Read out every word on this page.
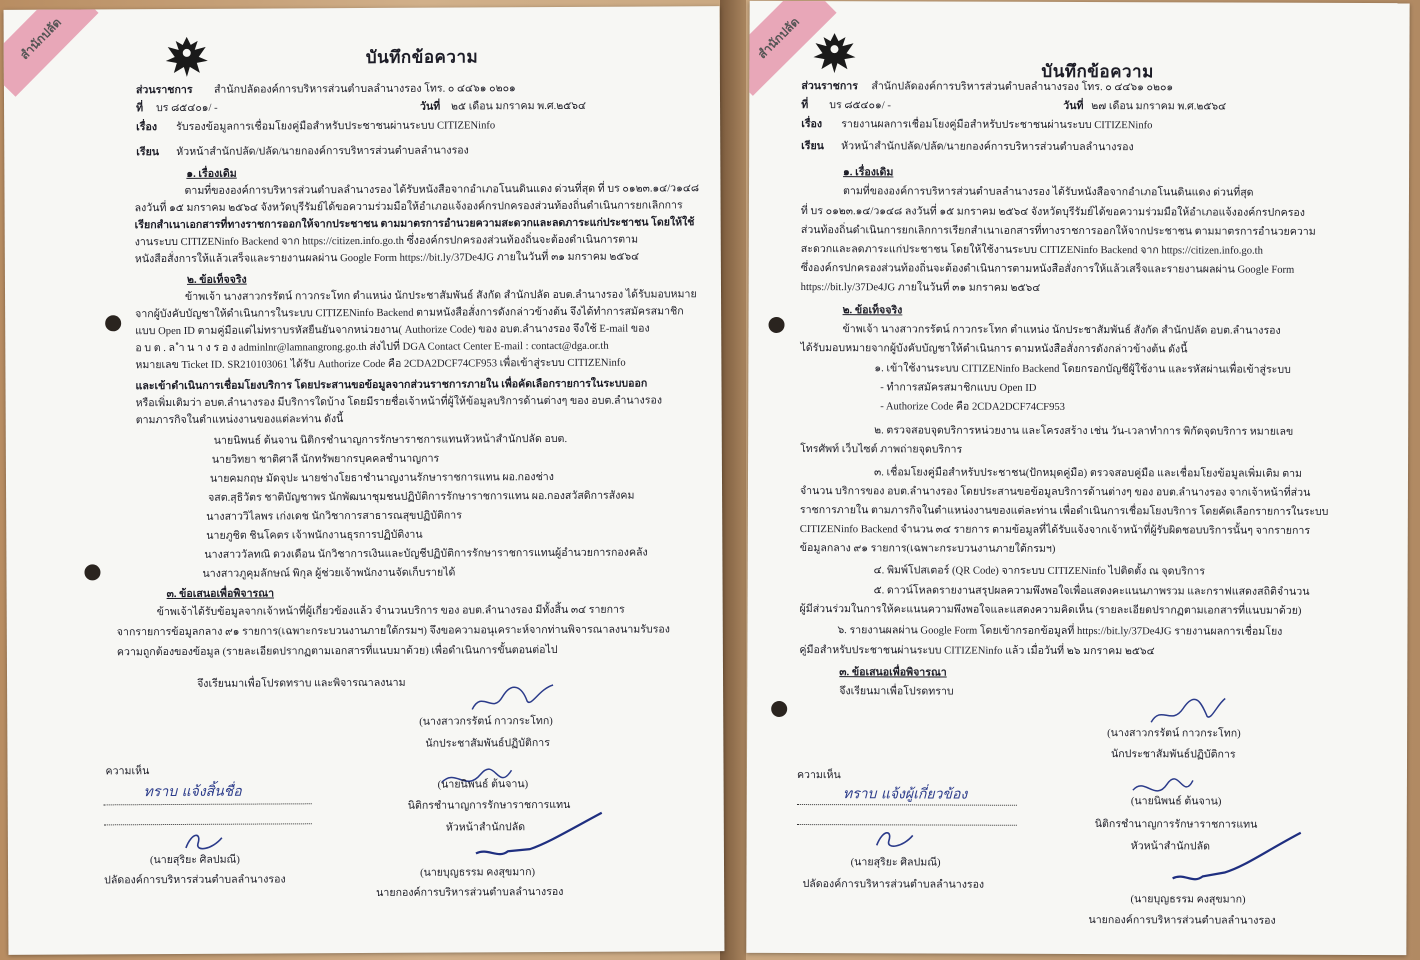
สำนักปลัด	บันทึกข้อความ
ส่วนราชการ สำนักปลัดองค์การบริหารส่วนตำบลลำนางรอง โทร. ๐ ๔๔๖๑ ๐๒๐๑
ที่ บร ๘๕๔๐๑/ -	วันที่ ๒๕ เดือน มกราคม พ.ศ.๒๕๖๔
เรื่อง รับรองข้อมูลการเชื่อมโยงคู่มือสำหรับประชาชนผ่านระบบ CITIZENinfo
เรียน หัวหน้าสำนักปลัด/ปลัด/นายกองค์การบริหารส่วนตำบลลำนางรอง
๑. เรื่องเดิม
ตามที่ขององค์การบริหารส่วนตำบลลำนางรอง ได้รับหนังสือจากอำเภอโนนดินแดง ด่วนที่สุด ที่ บร ๐๑๒๓.๑๔/ว๑๔๘
ลงวันที่ ๑๕ มกราคม ๒๕๖๔ จังหวัดบุรีรัมย์ได้ขอความร่วมมือให้อำเภอแจ้งองค์กรปกครองส่วนท้องถิ่นดำเนินการยกเลิกการ
เรียกสำเนาเอกสารที่ทางราชการออกให้จากประชาชน ตามมาตรการอำนวยความสะดวกและลดภาระแก่ประชาชน โดยให้ใช้
งานระบบ CITIZENinfo Backend จาก https://citizen.info.go.th ซึ่งองค์กรปกครองส่วนท้องถิ่นจะต้องดำเนินการตาม
หนังสือสั่งการให้แล้วเสร็จและรายงานผลผ่าน Google Form https://bit.ly/37De4JG ภายในวันที่ ๓๑ มกราคม ๒๕๖๔
๒. ข้อเท็จจริง
ข้าพเจ้า นางสาวกรรัตน์ กาวกระโทก ตำแหน่ง นักประชาสัมพันธ์ สังกัด สำนักปลัด อบต.ลำนางรอง ได้รับมอบหมาย
จากผู้บังคับบัญชาให้ดำเนินการในระบบ CITIZENinfo Backend ตามหนังสือสั่งการดังกล่าวข้างต้น จึงได้ทำการสมัครสมาชิก
แบบ Open ID ตามคู่มือแต่ไม่ทราบรหัสยืนยันจากหน่วยงาน( Authorize Code) ของ อบต.ลำนางรอง จึงใช้ E-mail ของ
อ บ ต . ล ำ น า ง ร อ ง adminlnr@lamnangrong.go.th ส่งไปที่ DGA Contact Center E-mail : contact@dga.or.th
หมายเลข Ticket ID. SR210103061 ได้รับ Authorize Code คือ 2CDA2DCF74CF953 เพื่อเข้าสู่ระบบ CITIZENinfo
และเข้าดำเนินการเชื่อมโยงบริการ โดยประสานขอข้อมูลจากส่วนราชการภายใน เพื่อคัดเลือกรายการในระบบออก
หรือเพิ่มเติมว่า อบต.ลำนางรอง มีบริการใดบ้าง โดยมีรายชื่อเจ้าหน้าที่ผู้ให้ข้อมูลบริการด้านต่างๆ ของ อบต.ลำนางรอง
ตามภารกิจในตำแหน่งงานของแต่ละท่าน ดังนี้
นายนิพนธ์ ต้นจาน นิติกรชำนาญการรักษาราชการแทนหัวหน้าสำนักปลัด อบต.
นายวิทยา ชาติศาลี นักทรัพยากรบุคคลชำนาญการ
นายคมกฤษ มัดจุปะ นายช่างโยธาชำนาญงานรักษาราชการแทน ผอ.กองช่าง
จสต.สุธิวัตร ชาติบัญชาพร นักพัฒนาชุมชนปฏิบัติการรักษาราชการแทน ผอ.กองสวัสดิการสังคม
นางสาววิไลพร เก่งเดช นักวิชาการสาธารณสุขปฏิบัติการ
นายภูชิต ชินโคตร เจ้าพนักงานธุรการปฏิบัติงาน
นางสาววัลทณิ ดวงเดือน นักวิชาการเงินและบัญชีปฏิบัติการรักษาราชการแทนผู้อำนวยการกองคลัง
นางสาวภูคุมลักษณ์ พิกุล ผู้ช่วยเจ้าพนักงานจัดเก็บรายได้
๓. ข้อเสนอเพื่อพิจารณา
ข้าพเจ้าได้รับข้อมูลจากเจ้าหน้าที่ผู้เกี่ยวข้องแล้ว จำนวนบริการ ของ อบต.ลำนางรอง มีทั้งสิ้น ๓๔ รายการ
จากรายการข้อมูลกลาง ๙๑ รายการ(เฉพาะกระบวนงานภายใต้กรมฯ) จึงขอความอนุเคราะห์จากท่านพิจารณาลงนามรับรอง
ความถูกต้องของข้อมูล (รายละเอียดปรากฏตามเอกสารที่แนบมาด้วย) เพื่อดำเนินการขั้นตอนต่อไป
จึงเรียนมาเพื่อโปรดทราบ และพิจารณาลงนาม
(นางสาวกรรัตน์ กาวกระโทก)
นักประชาสัมพันธ์ปฏิบัติการ
ความเห็น
ทราบ แจ้งสิ้นชื่อ	(นายนิพนธ์ ต้นจาน)
นิติกรชำนาญการรักษาราชการแทน
หัวหน้าสำนักปลัด
(นายสุริยะ ศิลปมณี)
ปลัดองค์การบริหารส่วนตำบลลำนางรอง
(นายบุญธรรม คงสุขมาก)
นายกองค์การบริหารส่วนตำบลลำนางรอง
สำนักปลัด
บันทึกข้อความ
ส่วนราชการ สำนักปลัดองค์การบริหารส่วนตำบลลำนางรอง โทร. ๐ ๔๔๖๑ ๐๒๐๑
ที่ บร ๘๕๔๐๑/ -	วันที่ ๒๗ เดือน มกราคม พ.ศ.๒๕๖๔
เรื่อง รายงานผลการเชื่อมโยงคู่มือสำหรับประชาชนผ่านระบบ CITIZENinfo
เรียน หัวหน้าสำนักปลัด/ปลัด/นายกองค์การบริหารส่วนตำบลลำนางรอง
๑. เรื่องเดิม
ตามที่ขององค์การบริหารส่วนตำบลลำนางรอง ได้รับหนังสือจากอำเภอโนนดินแดง ด่วนที่สุด
ที่ บร ๐๑๒๓.๑๔/ว๑๔๘ ลงวันที่ ๑๕ มกราคม ๒๕๖๔ จังหวัดบุรีรัมย์ได้ขอความร่วมมือให้อำเภอแจ้งองค์กรปกครอง
ส่วนท้องถิ่นดำเนินการยกเลิกการเรียกสำเนาเอกสารที่ทางราชการออกให้จากประชาชน ตามมาตรการอำนวยความ
สะดวกและลดภาระแก่ประชาชน โดยให้ใช้งานระบบ CITIZENinfo Backend จาก https://citizen.info.go.th
ซึ่งองค์กรปกครองส่วนท้องถิ่นจะต้องดำเนินการตามหนังสือสั่งการให้แล้วเสร็จและรายงานผลผ่าน Google Form
https://bit.ly/37De4JG ภายในวันที่ ๓๑ มกราคม ๒๕๖๔
๒. ข้อเท็จจริง
ข้าพเจ้า นางสาวกรรัตน์ กาวกระโทก ตำแหน่ง นักประชาสัมพันธ์ สังกัด สำนักปลัด อบต.ลำนางรอง
ได้รับมอบหมายจากผู้บังคับบัญชาให้ดำเนินการ ตามหนังสือสั่งการดังกล่าวข้างต้น ดังนี้
๑. เข้าใช้งานระบบ CITIZENinfo Backend โดยกรอกบัญชีผู้ใช้งาน และรหัสผ่านเพื่อเข้าสู่ระบบ
- ทำการสมัครสมาชิกแบบ Open ID
- Authorize Code คือ 2CDA2DCF74CF953
๒. ตรวจสอบจุดบริการหน่วยงาน และโครงสร้าง เช่น วัน-เวลาทำการ พิกัดจุดบริการ หมายเลข
โทรศัพท์ เว็บไซต์ ภาพถ่ายจุดบริการ
๓. เชื่อมโยงคู่มือสำหรับประชาชน(ปักหมุดคู่มือ) ตรวจสอบคู่มือ และเชื่อมโยงข้อมูลเพิ่มเติม ตาม
จำนวน บริการของ อบต.ลำนางรอง โดยประสานขอข้อมูลบริการด้านต่างๆ ของ อบต.ลำนางรอง จากเจ้าหน้าที่ส่วน
ราชการภายใน ตามภารกิจในตำแหน่งงานของแต่ละท่าน เพื่อดำเนินการเชื่อมโยงบริการ โดยคัดเลือกรายการในระบบ
CITIZENinfo Backend จำนวน ๓๔ รายการ ตามข้อมูลที่ได้รับแจ้งจากเจ้าหน้าที่ผู้รับผิดชอบบริการนั้นๆ จากรายการ
ข้อมูลกลาง ๙๑ รายการ(เฉพาะกระบวนงานภายใต้กรมฯ)
๔. พิมพ์โปสเตอร์ (QR Code) จากระบบ CITIZENinfo ไปติดตั้ง ณ จุดบริการ
๕. ดาวน์โหลดรายงานสรุปผลความพึงพอใจเพื่อแสดงคะแนนภาพรวม และกราฟแสดงสถิติจำนวน
ผู้มีส่วนร่วมในการให้คะแนนความพึงพอใจและแสดงความคิดเห็น (รายละเอียดปรากฏตามเอกสารที่แนบมาด้วย)
๖. รายงานผลผ่าน Google Form โดยเข้ากรอกข้อมูลที่ https://bit.ly/37De4JG รายงานผลการเชื่อมโยง
คู่มือสำหรับประชาชนผ่านระบบ CITIZENinfo แล้ว เมื่อวันที่ ๒๖ มกราคม ๒๕๖๔
๓. ข้อเสนอเพื่อพิจารณา
จึงเรียนมาเพื่อโปรดทราบ
(นางสาวกรรัตน์ กาวกระโทก)
นักประชาสัมพันธ์ปฏิบัติการ
ความเห็น
ทราบ แจ้งผู้เกี่ยวข้อง	(นายนิพนธ์ ต้นจาน)
นิติกรชำนาญการรักษาราชการแทน
หัวหน้าสำนักปลัด
(นายสุริยะ ศิลปมณี)
ปลัดองค์การบริหารส่วนตำบลลำนางรอง
(นายบุญธรรม คงสุขมาก)
นายกองค์การบริหารส่วนตำบลลำนางรอง
